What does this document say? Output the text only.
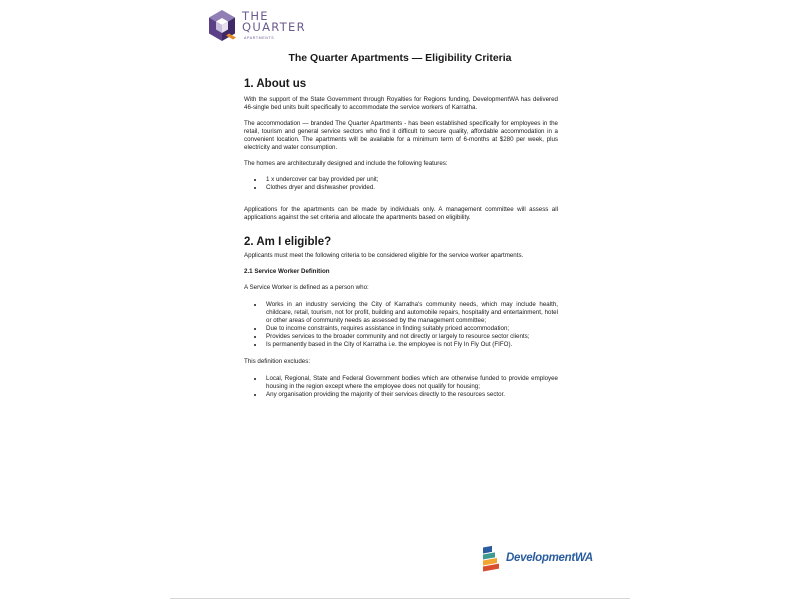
THE
QUARTER
APARTMENTS
The Quarter Apartments — Eligibility Criteria
1. About us

With the support of the State Government through Royalties for Regions funding, DevelopmentWA has delivered 46-single bed units built specifically to accommodate the service workers of Karratha.

The accommodation — branded The Quarter Apartments - has been established specifically for employees in the retail, tourism and general service sectors who find it difficult to secure quality, affordable accommodation in a convenient location. The apartments will be available for a minimum term of 6-months at $280 per week, plus electricity and water consumption.

The homes are architecturally designed and include the following features:

1 x undercover car bay provided per unit;
Clothes dryer and dishwasher provided.

Applications for the apartments can be made by individuals only. A management committee will assess all applications against the set criteria and allocate the apartments based on eligibility.

2. Am I eligible?

Applicants must meet the following criteria to be considered eligible for the service worker apartments.

2.1 Service Worker Definition

A Service Worker is defined as a person who:

Works in an industry servicing the City of Karratha's community needs, which may include health, childcare, retail, tourism, not for profit, building and automobile repairs, hospitality and entertainment, hotel or other areas of community needs as assessed by the management committee;
Due to income constraints, requires assistance in finding suitably priced accommodation;
Provides services to the broader community and not directly or largely to resource sector clients;
Is permanently based in the City of Karratha i.e. the employee is not Fly In Fly Out (FIFO).

This definition excludes:

Local, Regional, State and Federal Government bodies which are otherwise funded to provide employee housing in the region except where the employee does not qualify for housing;
Any organisation providing the majority of their services directly to the resources sector.
DevelopmentWA
